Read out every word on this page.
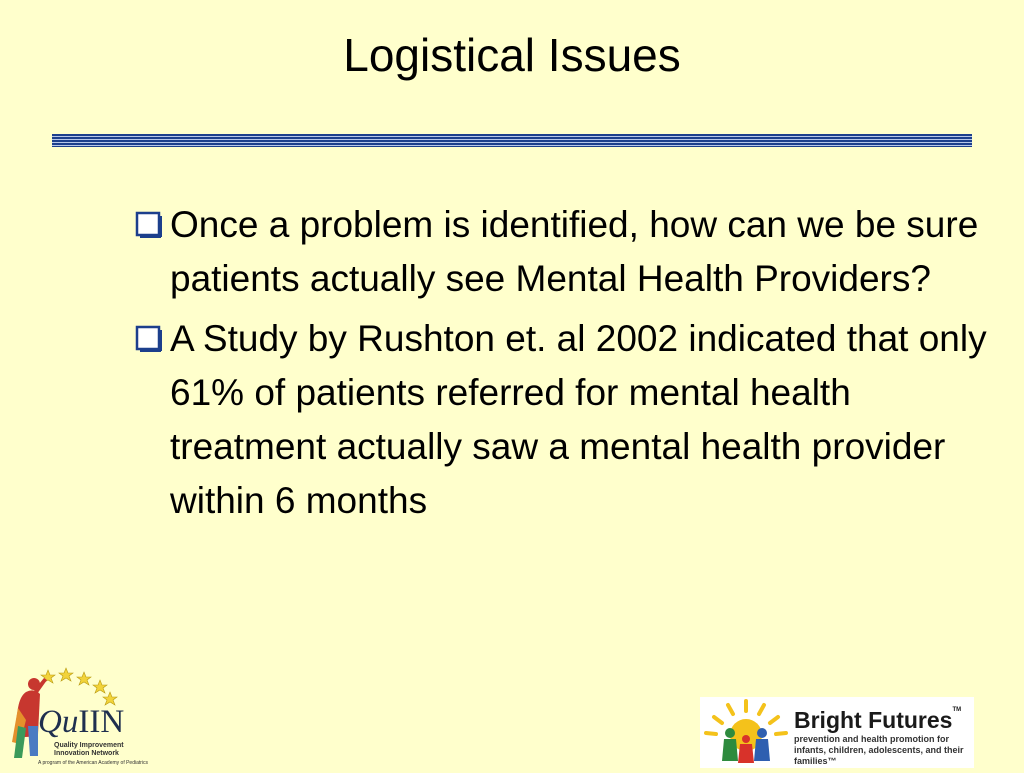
Logistical Issues
Once a problem is identified, how can we be sure patients actually see Mental Health Providers?
A Study by Rushton et. al 2002 indicated that only 61% of patients referred for mental health treatment actually saw a mental health provider within 6 months
QuIIN
Quality Improvement Innovation Network
A program of the American Academy of Pediatrics
Bright Futures™
prevention and health promotion for infants, children, adolescents, and their families™
